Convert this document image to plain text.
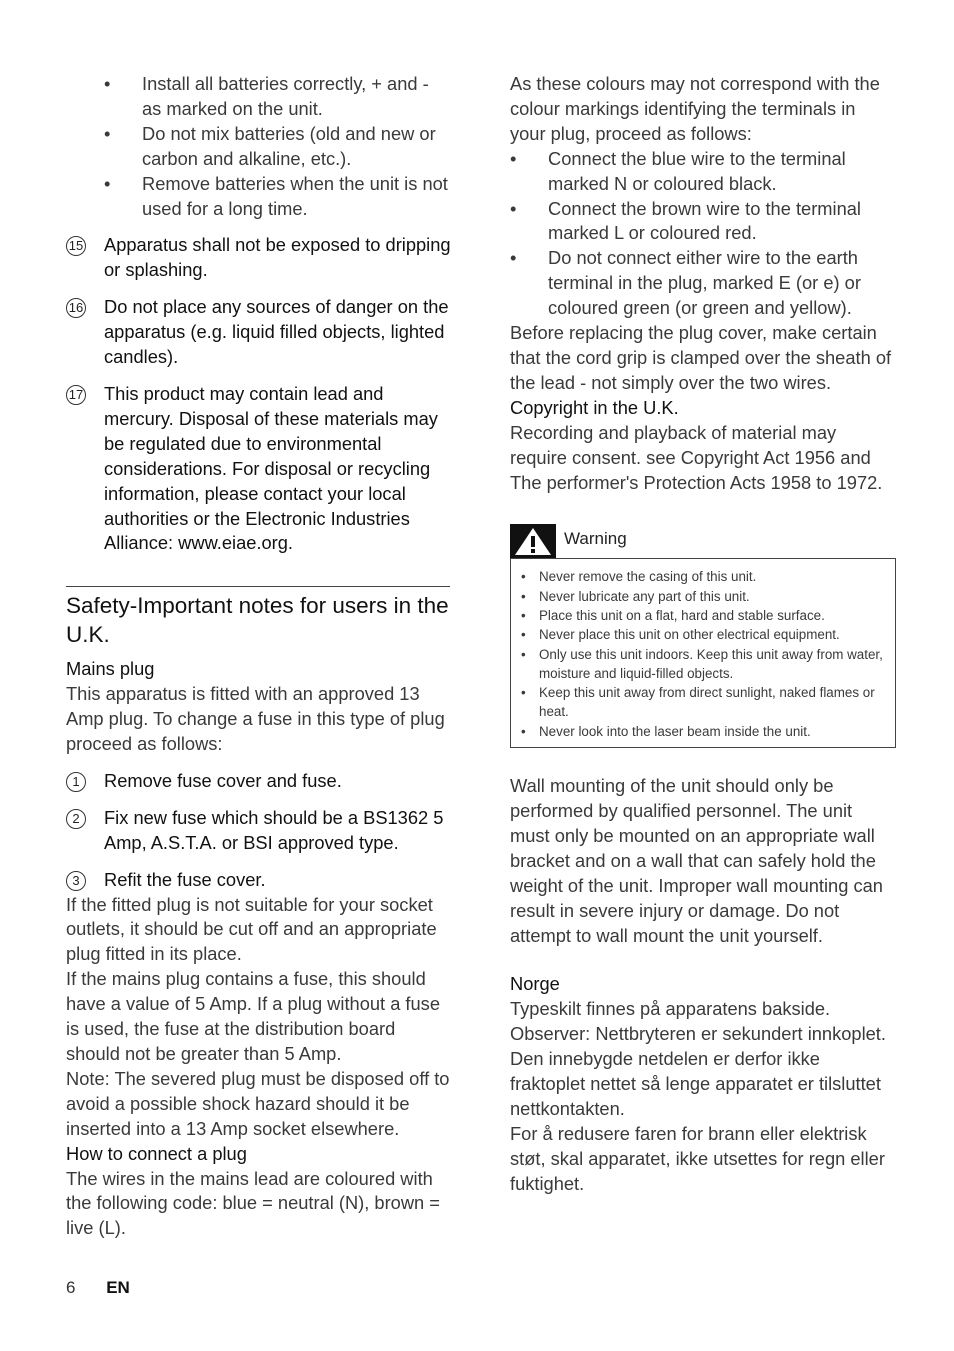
•	Install all batteries correctly, + and - as marked on the unit.
•	Do not mix batteries (old and new or carbon and alkaline, etc.).
•	Remove batteries when the unit is not used for a long time.
15 Apparatus shall not be exposed to dripping or splashing.
16 Do not place any sources of danger on the apparatus (e.g. liquid filled objects, lighted candles).
17 This product may contain lead and mercury. Disposal of these materials may be regulated due to environmental considerations. For disposal or recycling information, please contact your local authorities or the Electronic Industries Alliance: www.eiae.org.
Safety-Important notes for users in the U.K.
Mains plug

This apparatus is fitted with an approved 13 Amp plug. To change a fuse in this type of plug proceed as follows:

1	Remove fuse cover and fuse.
2	Fix new fuse which should be a BS1362 5 Amp, A.S.T.A. or BSI approved type.
3	Refit the fuse cover.

If the fitted plug is not suitable for your socket outlets, it should be cut off and an appropriate plug fitted in its place.

If the mains plug contains a fuse, this should have a value of 5 Amp. If a plug without a fuse is used, the fuse at the distribution board should not be greater than 5 Amp.

Note: The severed plug must be disposed off to avoid a possible shock hazard should it be inserted into a 13 Amp socket elsewhere.

How to connect a plug

The wires in the mains lead are coloured with the following code: blue = neutral (N), brown = live (L).

As these colours may not correspond with the colour markings identifying the terminals in your plug, proceed as follows:

•	Connect the blue wire to the terminal marked N or coloured black.
•	Connect the brown wire to the terminal marked L or coloured red.
•	Do not connect either wire to the earth terminal in the plug, marked E (or e) or coloured green (or green and yellow).

Before replacing the plug cover, make certain that the cord grip is clamped over the sheath of the lead - not simply over the two wires.

Copyright in the U.K.

Recording and playback of material may require consent. see Copyright Act 1956 and The performer's Protection Acts 1958 to 1972.

Warning
• Never remove the casing of this unit.
• Never lubricate any part of this unit.
• Place this unit on a flat, hard and stable surface.
• Never place this unit on other electrical equipment.
• Only use this unit indoors. Keep this unit away from water, moisture and liquid-filled objects.
• Keep this unit away from direct sunlight, naked flames or heat.
• Never look into the laser beam inside the unit.

Wall mounting of the unit should only be performed by qualified personnel. The unit must only be mounted on an appropriate wall bracket and on a wall that can safely hold the weight of the unit. Improper wall mounting can result in severe injury or damage. Do not attempt to wall mount the unit yourself.

Norge

Typeskilt finnes på apparatens bakside.

Observer: Nettbryteren er sekundert innkoplet. Den innebygde netdelen er derfor ikke fraktoplet nettet så lenge apparatet er tilsluttet nettkontakten.

For å redusere faren for brann eller elektrisk støt, skal apparatet, ikke utsettes for regn eller fuktighet.

6 EN
